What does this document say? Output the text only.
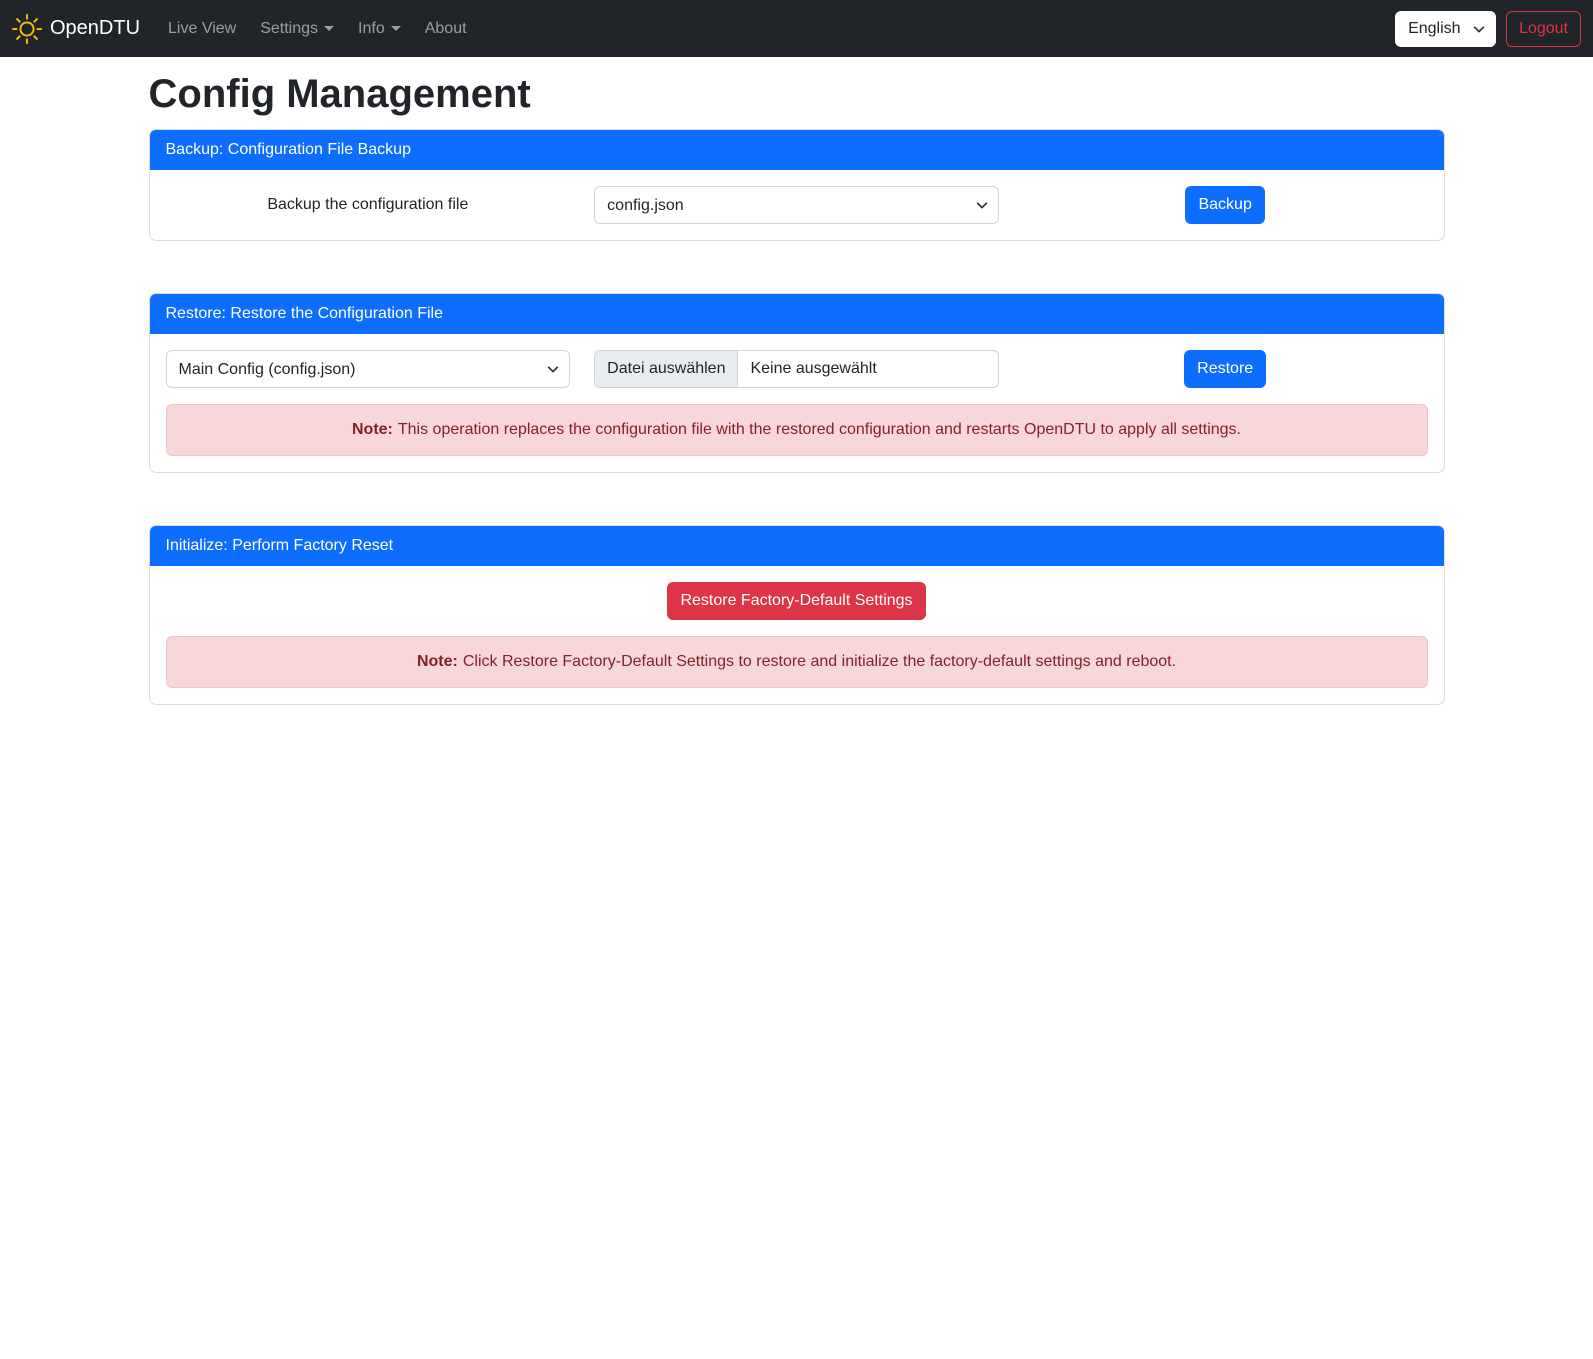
OpenDTU Live View Settings	Info	About
English	Logout
Config Management
Backup: Configuration File Backup
Backup the configuration file
config.json	Backup
Restore: Restore the Configuration File
Main Config (config.json)
Datei auswählen	Keine ausgewählt	Restore
Note: This operation replaces the configuration file with the restored configuration and restarts OpenDTU to apply all settings.
Initialize: Perform Factory Reset
Restore Factory-Default Settings
Note: Click Restore Factory-Default Settings to restore and initialize the factory-default settings and reboot.
